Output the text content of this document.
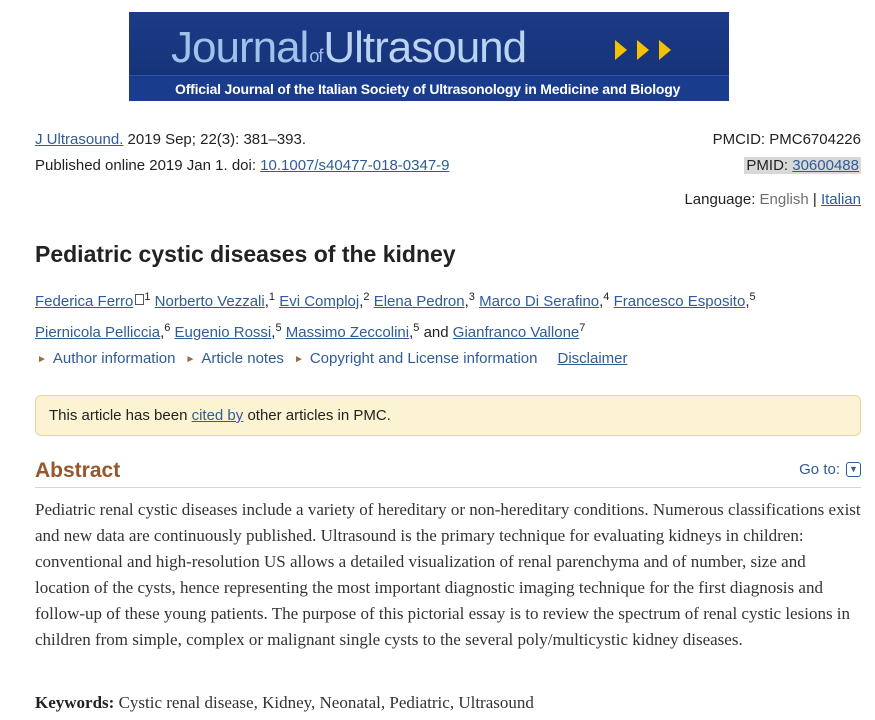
JournalofUltrasound
Official Journal of the Italian Society of Ultrasonology in Medicine and Biology
J Ultrasound. 2019 Sep; 22(3): 381–393.
Published online 2019 Jan 1. doi: 10.1007/s40477-018-0347-9
PMCID: PMC6704226
PMID: 30600488
Language: English | Italian
Pediatric cystic diseases of the kidney
Federica Ferro $^1$ Norberto Vezzali,$^1$ Evi Comploj,$^2$ Elena Pedron,$^3$ Marco Di Serafino,$^4$ Francesco Esposito,$^5$
Piernicola Pelliccia,$^6$ Eugenio Rossi,$^5$ Massimo Zeccolini,$^5$ and Gianfranco Vallone$^7$
► Author information ► Article notes ► Copyright and License information Disclaimer
This article has been cited by other articles in PMC.
Abstract	Go to:	▼
Pediatric renal cystic diseases include a variety of hereditary or non-hereditary conditions. Numerous classifications exist and new data are continuously published. Ultrasound is the primary technique for evaluating kidneys in children: conventional and high-resolution US allows a detailed visualization of renal parenchyma and of number, size and location of the cysts, hence representing the most important diagnostic imaging technique for the first diagnosis and follow-up of these young patients. The purpose of this pictorial essay is to review the spectrum of renal cystic lesions in children from simple, complex or malignant single cysts to the several poly/multicystic kidney diseases.
Keywords: Cystic renal disease, Kidney, Neonatal, Pediatric, Ultrasound
